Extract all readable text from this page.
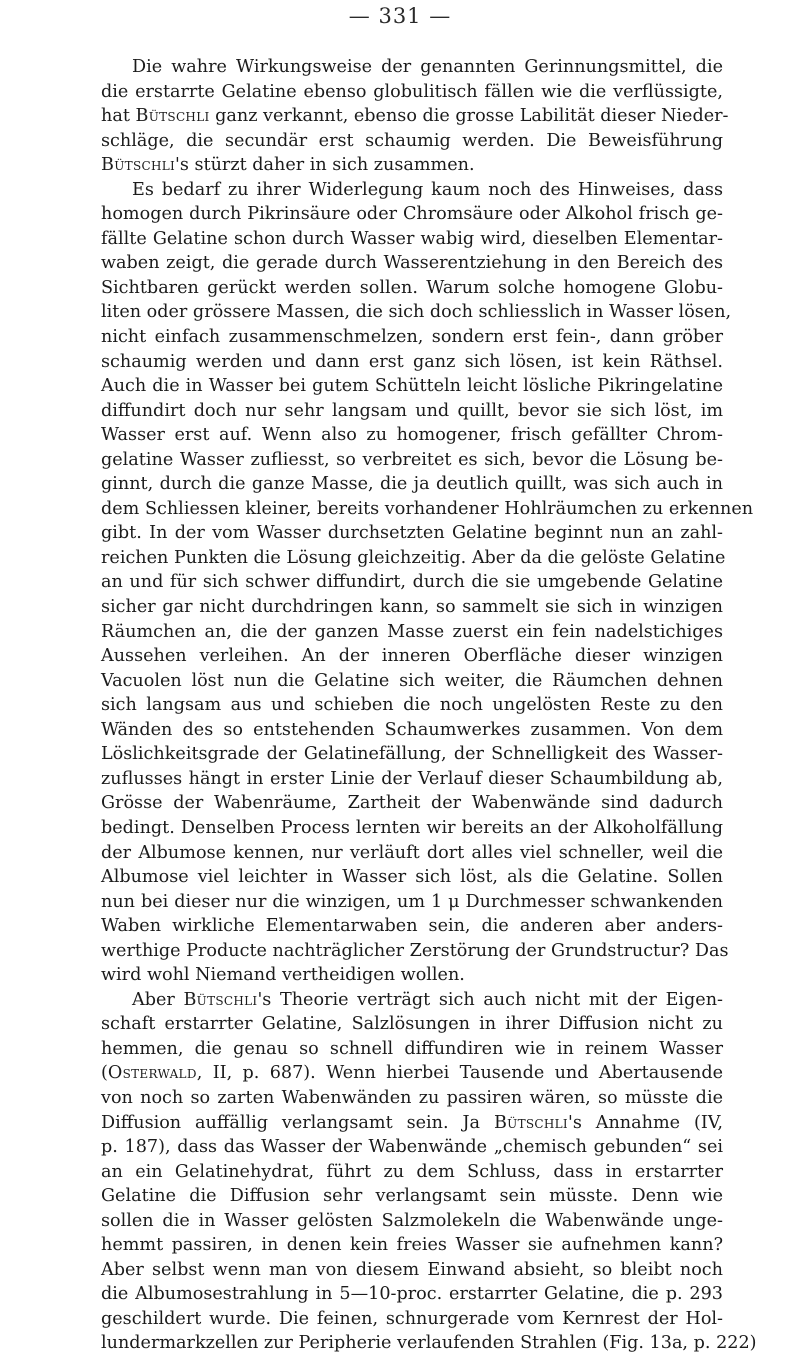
— 331 —
Die wahre Wirkungsweise der genannten Gerinnungsmittel, die
die erstarrte Gelatine ebenso globulitisch fällen wie die verflüssigte,
hat Bütschli ganz verkannt, ebenso die grosse Labilität dieser Nieder-
schläge, die secundär erst schaumig werden. Die Beweisführung
Bütschli's stürzt daher in sich zusammen.
Es bedarf zu ihrer Widerlegung kaum noch des Hinweises, dass
homogen durch Pikrinsäure oder Chromsäure oder Alkohol frisch ge-
fällte Gelatine schon durch Wasser wabig wird, dieselben Elementar-
waben zeigt, die gerade durch Wasserentziehung in den Bereich des
Sichtbaren gerückt werden sollen. Warum solche homogene Globu-
liten oder grössere Massen, die sich doch schliesslich in Wasser lösen,
nicht einfach zusammenschmelzen, sondern erst fein-, dann gröber
schaumig werden und dann erst ganz sich lösen, ist kein Räthsel.
Auch die in Wasser bei gutem Schütteln leicht lösliche Pikringelatine
diffundirt doch nur sehr langsam und quillt, bevor sie sich löst, im
Wasser erst auf. Wenn also zu homogener, frisch gefällter Chrom-
gelatine Wasser zufliesst, so verbreitet es sich, bevor die Lösung be-
ginnt, durch die ganze Masse, die ja deutlich quillt, was sich auch in
dem Schliessen kleiner, bereits vorhandener Hohlräumchen zu erkennen
gibt. In der vom Wasser durchsetzten Gelatine beginnt nun an zahl-
reichen Punkten die Lösung gleichzeitig. Aber da die gelöste Gelatine
an und für sich schwer diffundirt, durch die sie umgebende Gelatine
sicher gar nicht durchdringen kann, so sammelt sie sich in winzigen
Räumchen an, die der ganzen Masse zuerst ein fein nadelstichiges
Aussehen verleihen. An der inneren Oberfläche dieser winzigen
Vacuolen löst nun die Gelatine sich weiter, die Räumchen dehnen
sich langsam aus und schieben die noch ungelösten Reste zu den
Wänden des so entstehenden Schaumwerkes zusammen. Von dem
Löslichkeitsgrade der Gelatinefällung, der Schnelligkeit des Wasser-
zuflusses hängt in erster Linie der Verlauf dieser Schaumbildung ab,
Grösse der Wabenräume, Zartheit der Wabenwände sind dadurch
bedingt. Denselben Process lernten wir bereits an der Alkoholfällung
der Albumose kennen, nur verläuft dort alles viel schneller, weil die
Albumose viel leichter in Wasser sich löst, als die Gelatine. Sollen
nun bei dieser nur die winzigen, um 1 μ Durchmesser schwankenden
Waben wirkliche Elementarwaben sein, die anderen aber anders-
werthige Producte nachträglicher Zerstörung der Grundstructur? Das
wird wohl Niemand vertheidigen wollen.
Aber Bütschli's Theorie verträgt sich auch nicht mit der Eigen-
schaft erstarrter Gelatine, Salzlösungen in ihrer Diffusion nicht zu
hemmen, die genau so schnell diffundiren wie in reinem Wasser
(Osterwald, II, p. 687). Wenn hierbei Tausende und Abertausende
von noch so zarten Wabenwänden zu passiren wären, so müsste die
Diffusion auffällig verlangsamt sein. Ja Bütschli's Annahme (IV,
p. 187), dass das Wasser der Wabenwände „chemisch gebunden“ sei
an ein Gelatinehydrat, führt zu dem Schluss, dass in erstarrter
Gelatine die Diffusion sehr verlangsamt sein müsste. Denn wie
sollen die in Wasser gelösten Salzmolekeln die Wabenwände unge-
hemmt passiren, in denen kein freies Wasser sie aufnehmen kann?
Aber selbst wenn man von diesem Einwand absieht, so bleibt noch
die Albumosestrahlung in 5—10-proc. erstarrter Gelatine, die p. 293
geschildert wurde. Die feinen, schnurgerade vom Kernrest der Hol-
lundermarkzellen zur Peripherie verlaufenden Strahlen (Fig. 13a, p. 222)
